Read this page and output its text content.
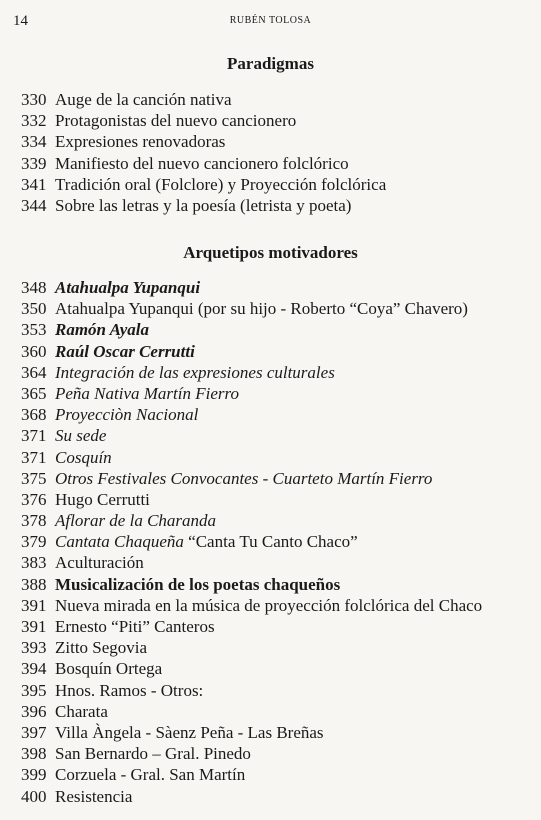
14	RUBÉN TOLOSA
Paradigmas
330 Auge de la canción nativa
332 Protagonistas del nuevo cancionero
334 Expresiones renovadoras
339 Manifiesto del nuevo cancionero folclórico
341 Tradición oral (Folclore) y Proyección folclórica
344 Sobre las letras y la poesía (letrista y poeta)
Arquetipos motivadores
348 Atahualpa Yupanqui
350 Atahualpa Yupanqui (por su hijo - Roberto “Coya” Chavero)
353 Ramón Ayala
360 Raúl Oscar Cerrutti
364 Integración de las expresiones culturales
365 Peña Nativa Martín Fierro
368 Proyecciòn Nacional
371 Su sede
371 Cosquín
375 Otros Festivales Convocantes - Cuarteto Martín Fierro
376 Hugo Cerrutti
378 Aflorar de la Charanda
379 Cantata Chaqueña “Canta Tu Canto Chaco”
383 Aculturación
388 Musicalización de los poetas chaqueños
391 Nueva mirada en la música de proyección folclórica del Chaco
391 Ernesto “Piti” Canteros
393 Zitto Segovia
394 Bosquín Ortega
395 Hnos. Ramos - Otros:
396 Charata
397 Villa Àngela - Sàenz Peña - Las Breñas
398 San Bernardo – Gral. Pinedo
399 Corzuela - Gral. San Martín
400 Resistencia
